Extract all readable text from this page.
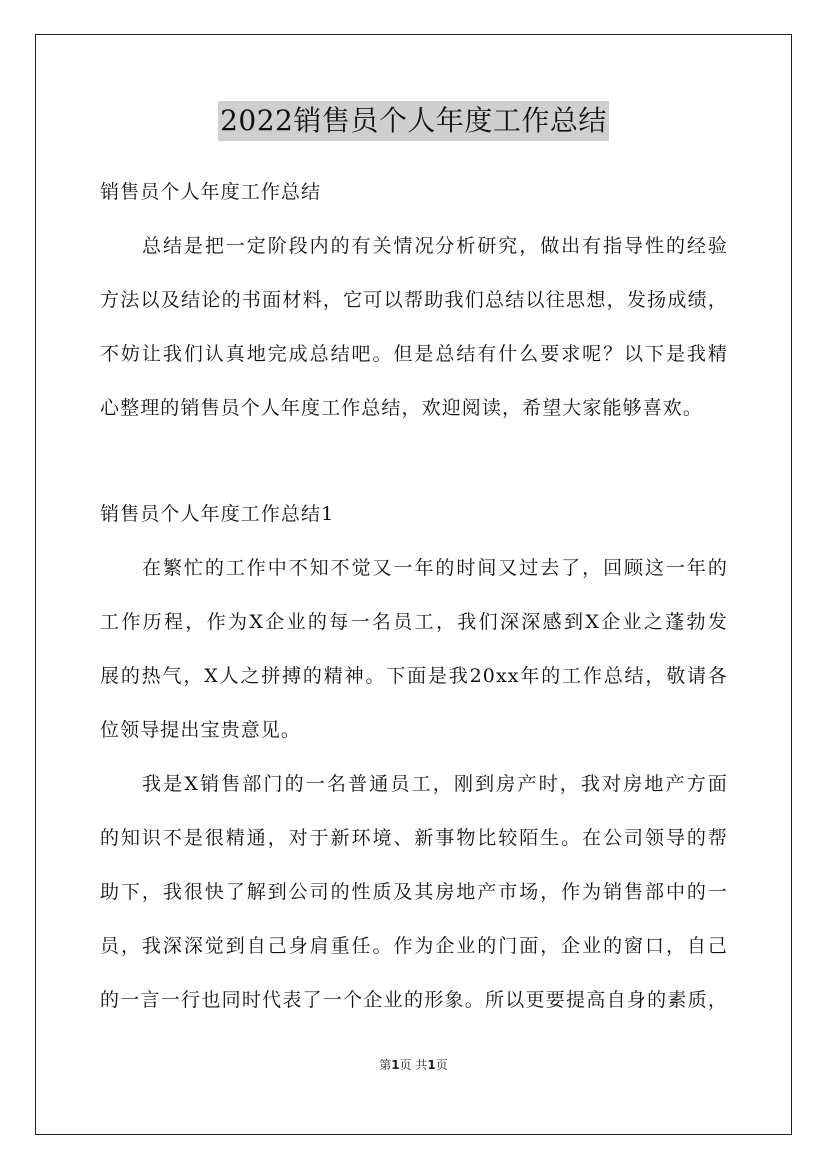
2022销售员个人年度工作总结
销售员个人年度工作总结
总结是把一定阶段内的有关情况分析研究，做出有指导性的经验
方法以及结论的书面材料，它可以帮助我们总结以往思想，发扬成绩，
不妨让我们认真地完成总结吧。但是总结有什么要求呢？以下是我精
心整理的销售员个人年度工作总结，欢迎阅读，希望大家能够喜欢。
销售员个人年度工作总结1
在繁忙的工作中不知不觉又一年的时间又过去了，回顾这一年的
工作历程，作为X企业的每一名员工，我们深深感到X企业之蓬勃发
展的热气，X人之拼搏的精神。下面是我20xx年的工作总结，敬请各
位领导提出宝贵意见。
我是X销售部门的一名普通员工，刚到房产时，我对房地产方面
的知识不是很精通，对于新环境、新事物比较陌生。在公司领导的帮
助下，我很快了解到公司的性质及其房地产市场，作为销售部中的一
员，我深深觉到自己身肩重任。作为企业的门面，企业的窗口，自己
的一言一行也同时代表了一个企业的形象。所以更要提高自身的素质，
第1页 共1页
